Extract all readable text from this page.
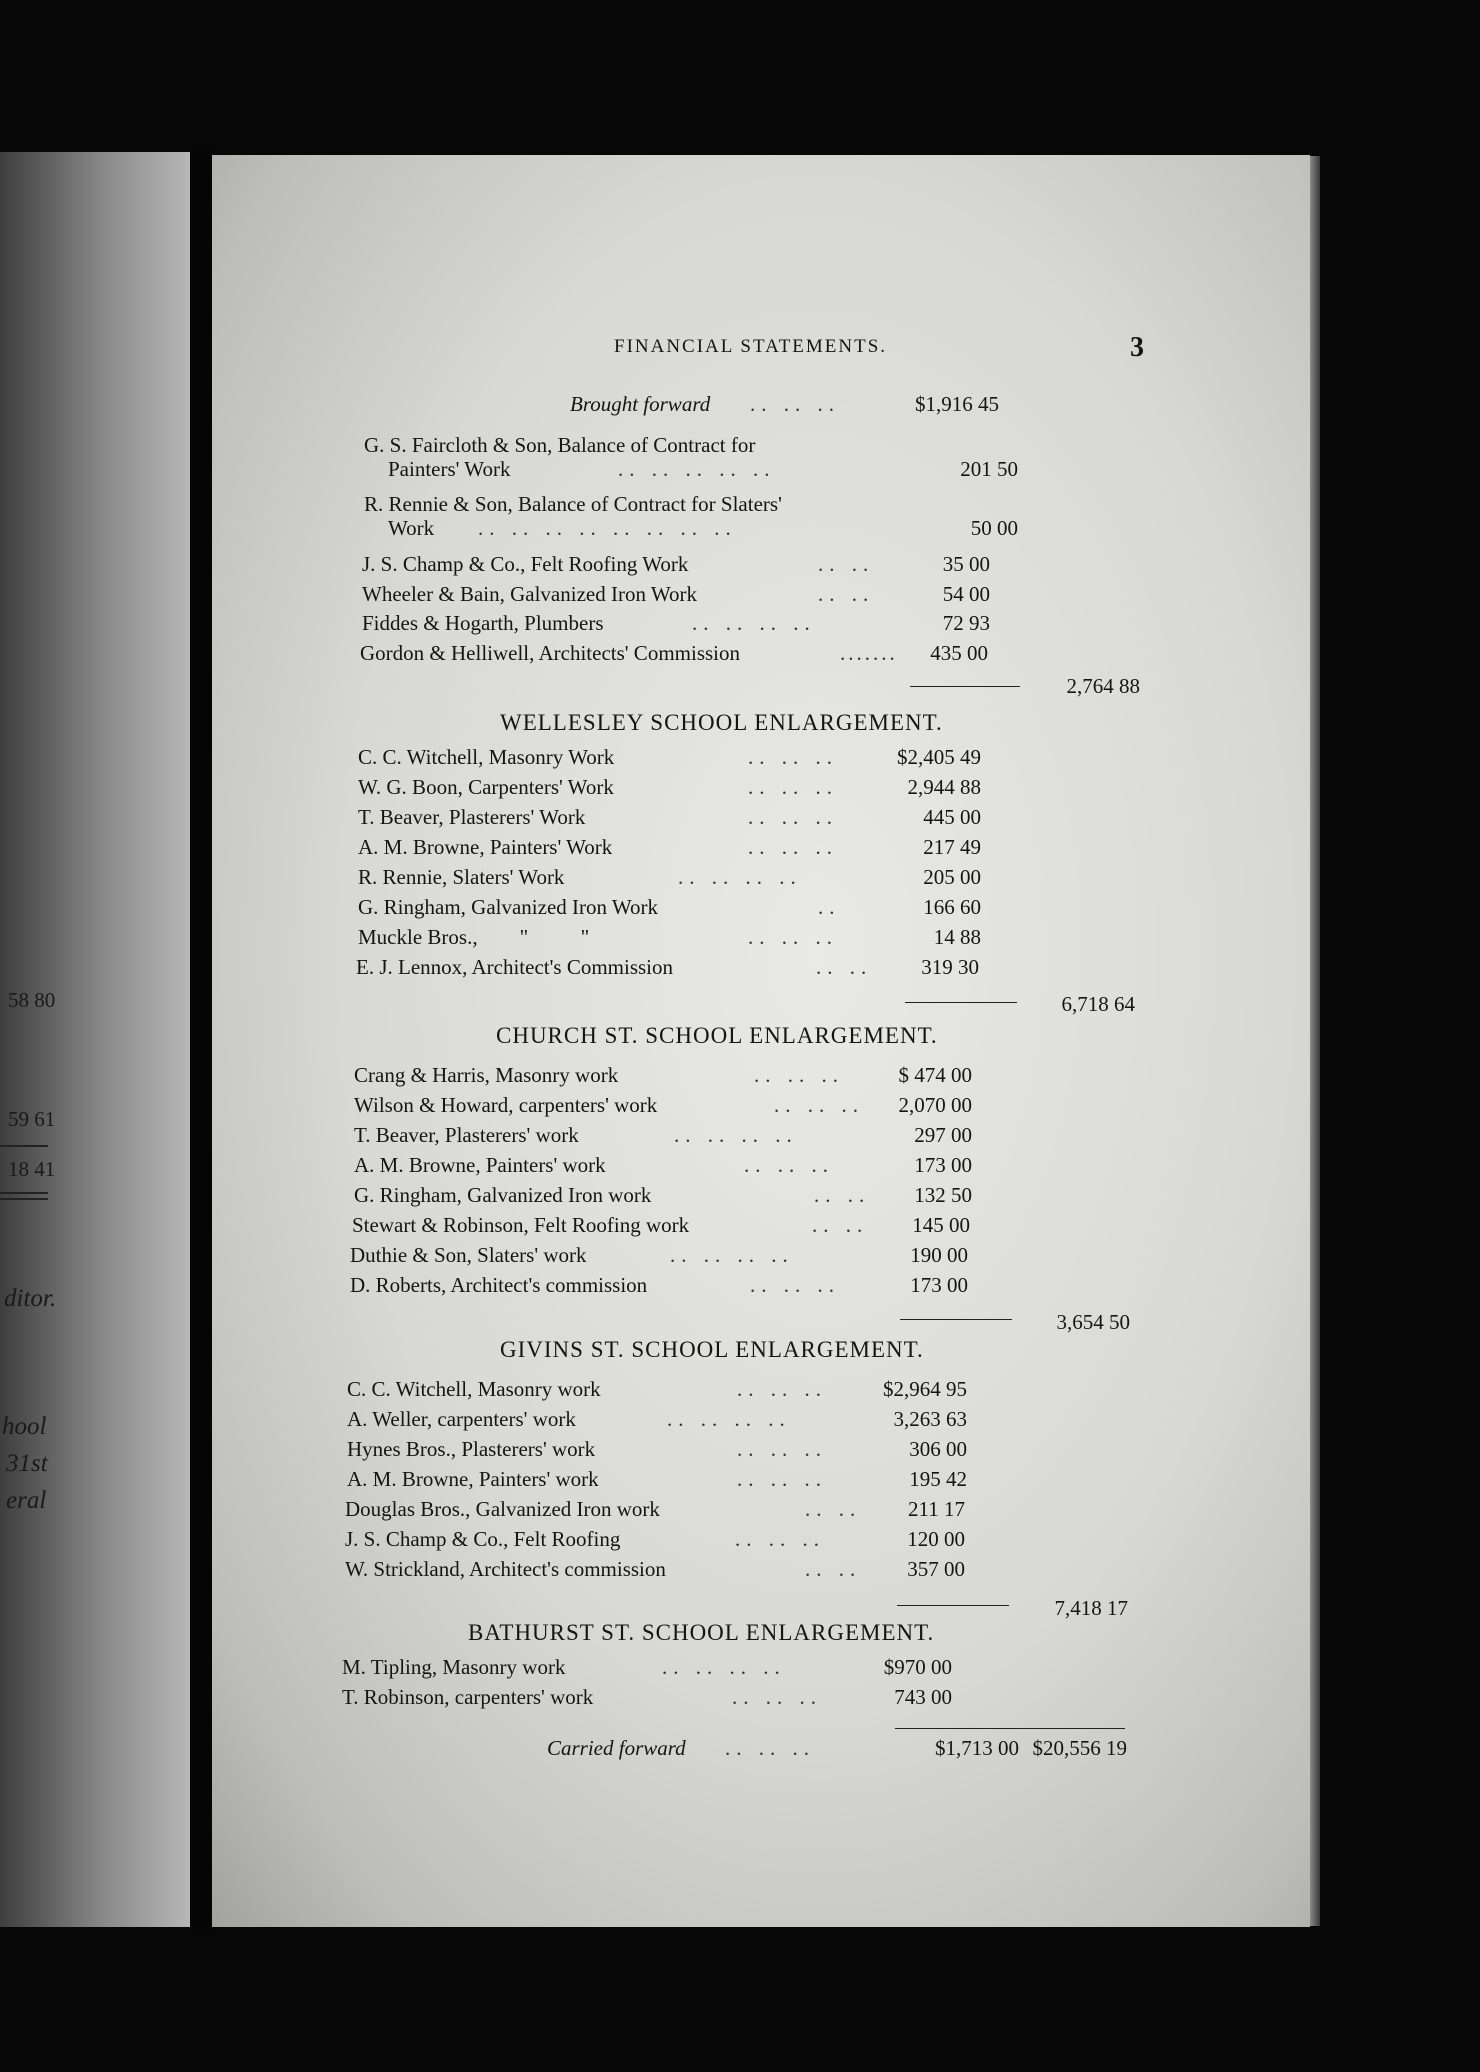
58 80
59 61
18 41
ditor.
hool
31st
eral
FINANCIAL STATEMENTS.	3
Brought forward .. .. ..	$1,916 45
G. S. Faircloth & Son, Balance of Contract for
Painters' Work	.. .. .. .. ..	201 50
R. Rennie & Son, Balance of Contract for Slaters'
Work .. .. .. .. .. .. .. ..	50 00
J. S. Champ & Co., Felt Roofing Work	.. ..	35 00
Wheeler & Bain, Galvanized Iron Work	.. ..	54 00
Fiddes & Hogarth, Plumbers	.. .. .. ..	72 93
Gordon & Helliwell, Architects' Commission	.......	435 00
2,764 88
WELLESLEY SCHOOL ENLARGEMENT.
C. C. Witchell, Masonry Work	.. .. ..	$2,405 49
W. G. Boon, Carpenters' Work	.. .. ..	2,944 88
T. Beaver, Plasterers' Work	.. .. ..	445 00
A. M. Browne, Painters' Work	.. .. ..	217 49
R. Rennie, Slaters' Work	.. .. .. ..	205 00
G. Ringham, Galvanized Iron Work	..	166 60
Muckle Bros.,        "          "	.. .. ..	14 88
E. J. Lennox, Architect's Commission	.. ..	319 30
6,718 64
CHURCH ST. SCHOOL ENLARGEMENT.
Crang & Harris, Masonry work	.. .. ..	$ 474 00
Wilson & Howard, carpenters' work	.. .. ..	2,070 00
T. Beaver, Plasterers' work	.. .. .. ..	297 00
A. M. Browne, Painters' work	.. .. ..	173 00
G. Ringham, Galvanized Iron work	.. ..	132 50
Stewart & Robinson, Felt Roofing work	.. ..	145 00
Duthie & Son, Slaters' work	.. .. .. ..	190 00
D. Roberts, Architect's commission	.. .. ..	173 00
3,654 50
GIVINS ST. SCHOOL ENLARGEMENT.
C. C. Witchell, Masonry work	.. .. ..	$2,964 95
A. Weller, carpenters' work	.. .. .. ..	3,263 63
Hynes Bros., Plasterers' work	.. .. ..	306 00
A. M. Browne, Painters' work	.. .. ..	195 42
Douglas Bros., Galvanized Iron work	.. ..	211 17
J. S. Champ & Co., Felt Roofing	.. .. ..	120 00
W. Strickland, Architect's commission	.. ..	357 00
7,418 17
BATHURST ST. SCHOOL ENLARGEMENT.
M. Tipling, Masonry work	.. .. .. ..	$970 00
T. Robinson, carpenters' work	.. .. ..	743 00
Carried forward .. .. ..	$1,713 00 $20,556 19
